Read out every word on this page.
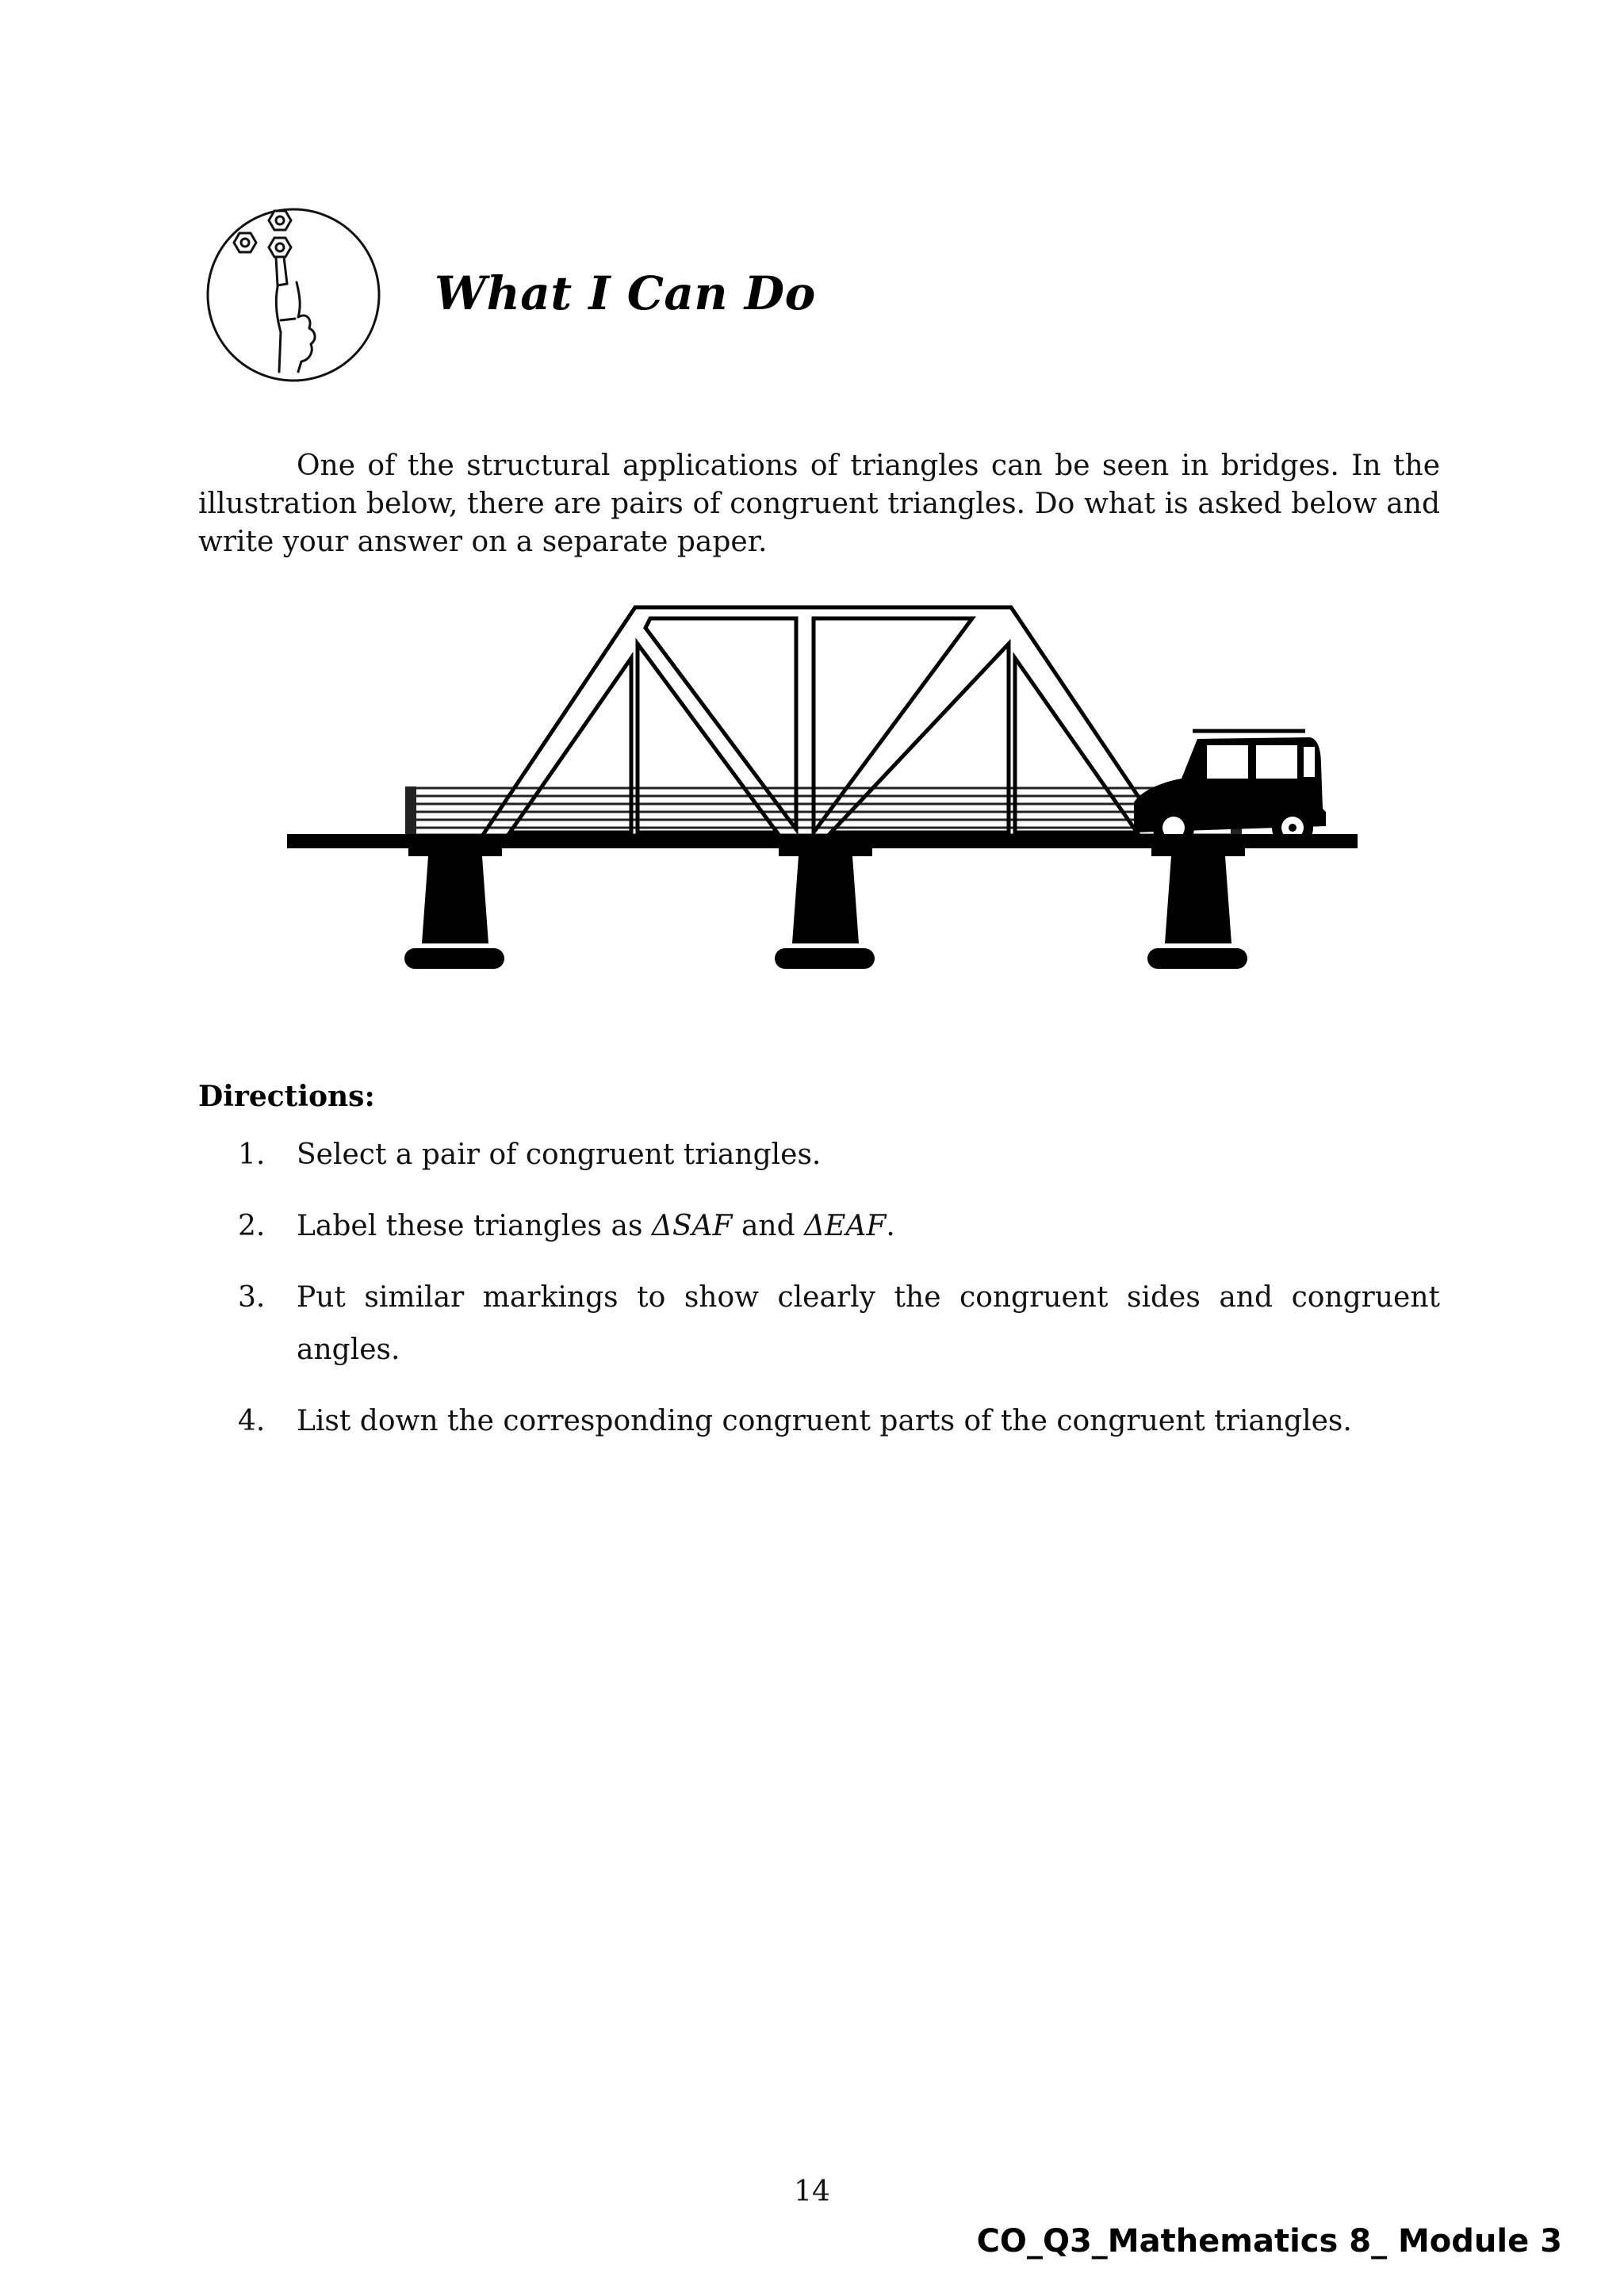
What I Can Do

One of the structural applications of triangles can be seen in bridges. In the illustration below, there are pairs of congruent triangles. Do what is asked below and write your answer on a separate paper.

Directions:
1.	Select a pair of congruent triangles.
2.	Label these triangles as ΔSAF and ΔEAF.
3.	Put similar markings to show clearly the congruent sides and congruent angles.
4.	List down the corresponding congruent parts of the congruent triangles.
14
CO_Q3_Mathematics 8_ Module 3
